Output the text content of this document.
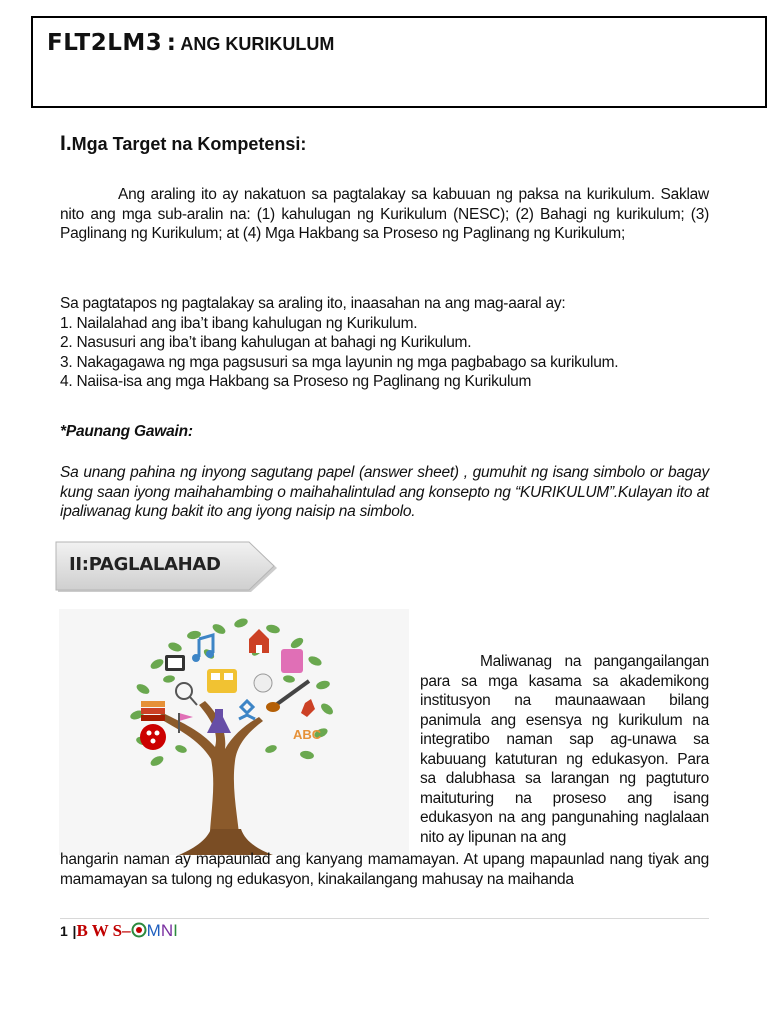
FLT2LM3 : ANG KURIKULUM
I.Mga Target na Kompetensi:
Ang araling ito ay nakatuon sa pagtalakay sa kabuuan ng paksa na kurikulum. Saklaw nito ang mga sub-aralin na: (1) kahulugan ng Kurikulum (NESC); (2) Bahagi ng kurikulum; (3) Paglinang ng Kurikulum; at (4) Mga Hakbang sa Proseso ng Paglinang ng Kurikulum;
Sa pagtatapos ng pagtalakay sa araling ito, inaasahan na ang mag-aaral ay:
1. Nailalahad ang iba’t ibang kahulugan ng Kurikulum.
2. Nasusuri ang iba’t ibang kahulugan at bahagi ng Kurikulum.
3. Nakagagawa ng mga pagsusuri sa mga layunin ng mga pagbabago sa kurikulum.
4. Naiisa-isa ang mga Hakbang sa Proseso ng Paglinang ng Kurikulum
*Paunang Gawain:
Sa unang pahina ng inyong sagutang papel (answer sheet) , gumuhit ng isang simbolo or bagay kung saan iyong maihahambing o maihahalintulad ang konsepto ng “KURIKULUM”.Kulayan ito at ipaliwanag kung bakit ito ang iyong naisip na simbolo.
II:PAGLALAHAD
ABC
Maliwanag na pangangailangan para sa mga kasama sa akademikong institusyon na maunaawaan bilang panimula ang esensya ng kurikulum na integratibo naman sap ag-unawa sa kabuuang katuturan ng edukasyon. Para sa dalubhasa sa larangan ng pagtuturo maituturing na proseso ang isang edukasyon na ang pangunahing naglalaan nito ay lipunan na ang
hangarin naman ay mapaunlad ang kanyang mamamayan. At upang mapaunlad nang tiyak ang mamamayan sa tulong ng edukasyon, kinakailangang mahusay na maihanda
1 |B W S– MNI
